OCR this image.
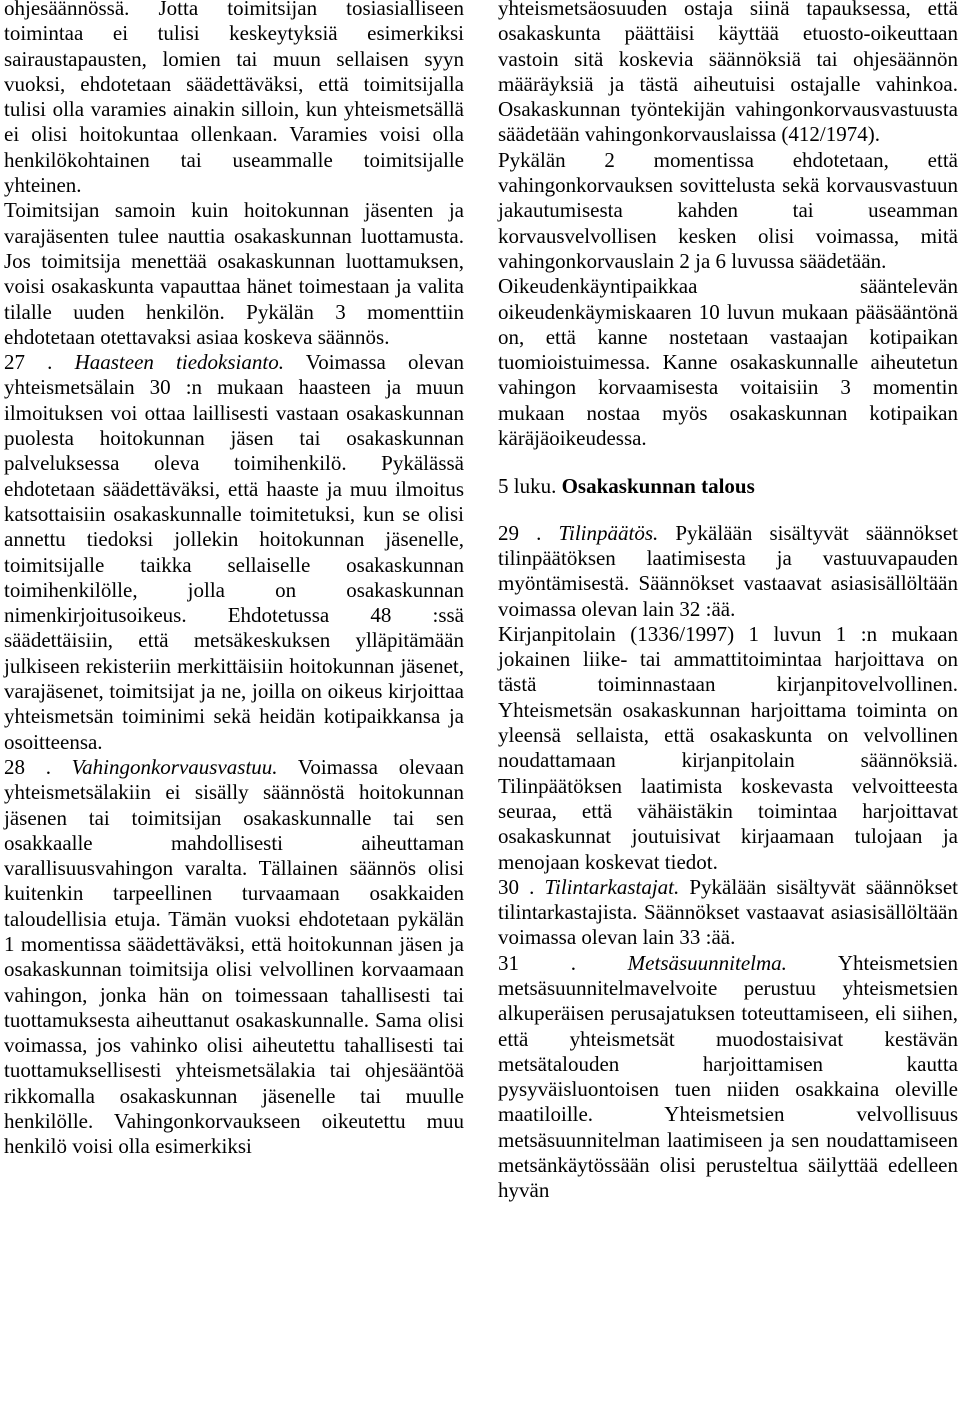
ohjesäännössä. Jotta toimitsijan tosiasialliseen toimintaa ei tulisi keskeytyksiä esimerkiksi sairaustapausten, lomien tai muun sellaisen syyn vuoksi, ehdotetaan säädettäväksi, että toimitsijalla tulisi olla varamies ainakin silloin, kun yhteismetsällä ei olisi hoitokuntaa ollenkaan. Varamies voisi olla henkilökohtainen tai useammalle toimitsijalle yhteinen.

Toimitsijan samoin kuin hoitokunnan jäsenten ja varajäsenten tulee nauttia osakaskunnan luottamusta. Jos toimitsija menettää osakaskunnan luottamuksen, voisi osakaskunta vapauttaa hänet toimestaan ja valita tilalle uuden henkilön. Pykälän 3 momenttiin ehdotetaan otettavaksi asiaa koskeva säännös.

27 . Haasteen tiedoksianto. Voimassa olevan yhteismetsälain 30 :n mukaan haasteen ja muun ilmoituksen voi ottaa laillisesti vastaan osakaskunnan puolesta hoitokunnan jäsen tai osakaskunnan palveluksessa oleva toimihenkilö. Pykälässä ehdotetaan säädettäväksi, että haaste ja muu ilmoitus katsottaisiin osakaskunnalle toimitetuksi, kun se olisi annettu tiedoksi jollekin hoitokunnan jäsenelle, toimitsijalle taikka sellaiselle osakaskunnan toimihenkilölle, jolla on osakaskunnan nimenkirjoitusoikeus. Ehdotetussa 48 :ssä säädettäisiin, että metsäkeskuksen ylläpitämään julkiseen rekisteriin merkittäisiin hoitokunnan jäsenet, varajäsenet, toimitsijat ja ne, joilla on oikeus kirjoittaa yhteismetsän toiminimi sekä heidän kotipaikkansa ja osoitteensa.

28 . Vahingonkorvausvastuu. Voimassa olevaan yhteismetsälakiin ei sisälly säännöstä hoitokunnan jäsenen tai toimitsijan osakaskunnalle tai sen osakkaalle mahdollisesti aiheuttaman varallisuusvahingon varalta. Tällainen säännös olisi kuitenkin tarpeellinen turvaamaan osakkaiden taloudellisia etuja. Tämän vuoksi ehdotetaan pykälän 1 momentissa säädettäväksi, että hoitokunnan jäsen ja osakaskunnan toimitsija olisi velvollinen korvaamaan vahingon, jonka hän on toimessaan tahallisesti tai tuottamuksesta aiheuttanut osakaskunnalle. Sama olisi voimassa, jos vahinko olisi aiheutettu tahallisesti tai tuottamuksellisesti yhteismetsälakia tai ohjesääntöä rikkomalla osakaskunnan jäsenelle tai muulle henkilölle. Vahingonkorvaukseen oikeutettu muu henkilö voisi olla esimerkiksi

yhteismetsäosuuden ostaja siinä tapauksessa, että osakaskunta päättäisi käyttää etuosto-oikeuttaan vastoin sitä koskevia säännöksiä tai ohjesäännön määräyksiä ja tästä aiheutuisi ostajalle vahinkoa. Osakaskunnan työntekijän vahingonkorvausvastuusta säädetään vahingonkorvauslaissa (412/1974).

Pykälän 2 momentissa ehdotetaan, että vahingonkorvauksen sovittelusta sekä korvausvastuun jakautumisesta kahden tai useamman korvausvelvollisen kesken olisi voimassa, mitä vahingonkorvauslain 2 ja 6 luvussa säädetään.

Oikeudenkäyntipaikkaa sääntelevän oikeudenkäymiskaaren 10 luvun mukaan pääsääntönä on, että kanne nostetaan vastaajan kotipaikan tuomioistuimessa. Kanne osakaskunnalle aiheutetun vahingon korvaamisesta voitaisiin 3 momentin mukaan nostaa myös osakaskunnan kotipaikan käräjäoikeudessa.

5 luku. Osakaskunnan talous

29 . Tilinpäätös. Pykälään sisältyvät säännökset tilinpäätöksen laatimisesta ja vastuuvapauden myöntämisestä. Säännökset vastaavat asiasisällöltään voimassa olevan lain 32 :ää.

Kirjanpitolain (1336/1997) 1 luvun 1 :n mukaan jokainen liike- tai ammattitoimintaa harjoittava on tästä toiminnastaan kirjanpitovelvollinen. Yhteismetsän osakaskunnan harjoittama toiminta on yleensä sellaista, että osakaskunta on velvollinen noudattamaan kirjanpitolain säännöksiä. Tilinpäätöksen laatimista koskevasta velvoitteesta seuraa, että vähäistäkin toimintaa harjoittavat osakaskunnat joutuisivat kirjaamaan tulojaan ja menojaan koskevat tiedot.

30 . Tilintarkastajat. Pykälään sisältyvät säännökset tilintarkastajista. Säännökset vastaavat asiasisällöltään voimassa olevan lain 33 :ää.

31 . Metsäsuunnitelma. Yhteismetsien metsäsuunnitelmavelvoite perustuu yhteismetsien alkuperäisen perusajatuksen toteuttamiseen, eli siihen, että yhteismetsät muodostaisivat kestävän metsätalouden harjoittamisen kautta pysyväisluontoisen tuen niiden osakkaina oleville maatiloille. Yhteismetsien velvollisuus metsäsuunnitelman laatimiseen ja sen noudattamiseen metsänkäytössään olisi perusteltua säilyttää edelleen hyvän
